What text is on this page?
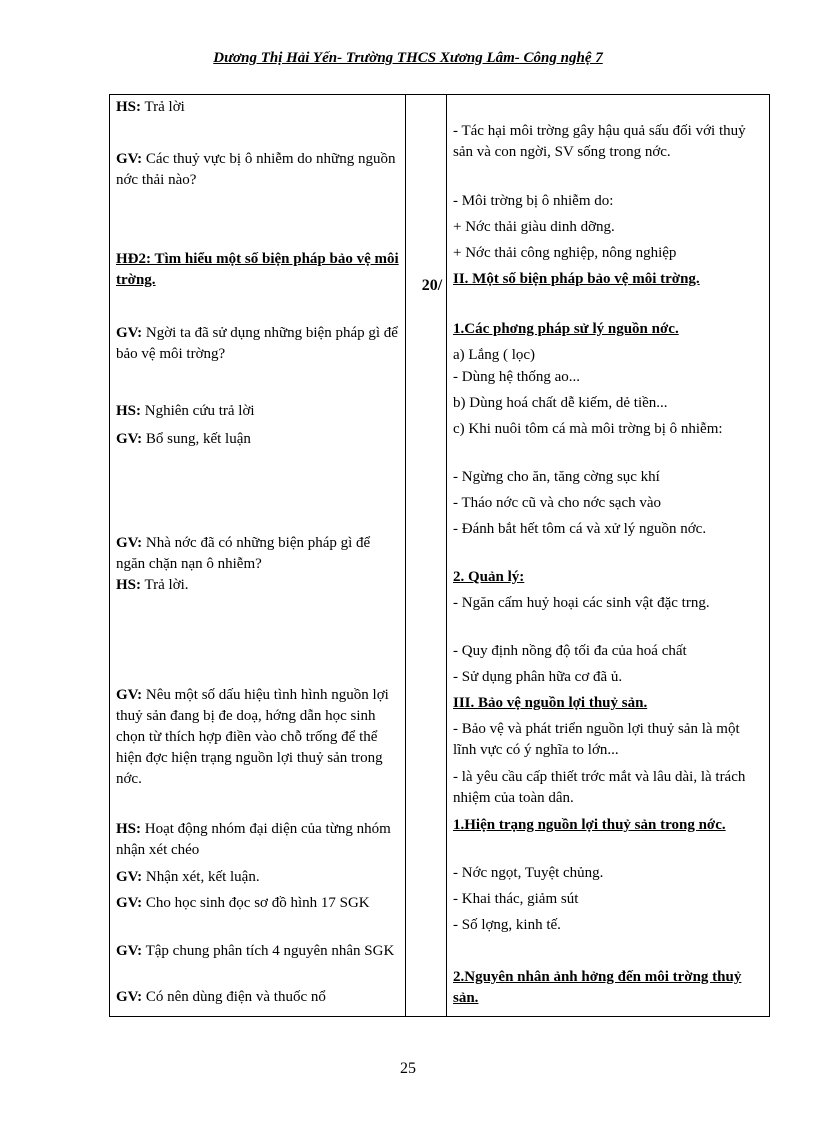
Dương Thị Hải Yến- Trường THCS Xương Lâm- Công nghệ 7

HS: Trả lời

GV: Các thuỷ vực bị ô nhiễm do những nguồn nớc thải nào?

HĐ2: Tìm hiểu một số biện pháp bảo vệ môi trờng.

GV: Ngời ta đã sử dụng những biện pháp gì để bảo vệ môi trờng?

HS: Nghiên cứu trả lời

GV: Bổ sung, kết luận

GV: Nhà nớc đã có những biện pháp gì để ngăn chặn nạn ô nhiễm?

HS: Trả lời.

GV: Nêu một số dấu hiệu tình hình nguồn lợi thuỷ sản đang bị đe doạ, hớng dẫn học sinh chọn từ thích hợp điền vào chỗ trống để thể hiện đợc hiện trạng nguồn lợi thuỷ sản trong nớc.

HS: Hoạt động nhóm đại diện của từng nhóm nhận xét chéo

GV: Nhận xét, kết luận.

GV: Cho học sinh đọc sơ đồ hình 17 SGK

GV: Tập chung phân tích 4 nguyên nhân SGK

GV: Có nên dùng điện và thuốc nổ

20/

- Tác hại môi trờng gây hậu quả sấu đối với thuỷ sản và con ngời, SV sống trong nớc.

- Môi trờng bị ô nhiễm do:

+ Nớc thải giàu dinh dỡng.

+ Nớc thải công nghiệp, nông nghiệp

II. Một số biện pháp bảo vệ môi trờng.

1.Các phơng pháp sử lý nguồn nớc.

a) Lắng ( lọc)

- Dùng hệ thống ao...

b) Dùng hoá chất dễ kiếm, dẻ tiền...

c) Khi nuôi tôm cá mà môi trờng bị ô nhiễm:

- Ngừng cho ăn, tăng cờng sục khí

- Tháo nớc cũ và cho nớc sạch vào

- Đánh bắt hết tôm cá và xử lý nguồn nớc.

2. Quản lý:

- Ngăn cấm huỷ hoại các sinh vật đặc trng.

- Quy định nồng độ tối đa của hoá chất

- Sử dụng phân hữa cơ đã ủ.

III. Bảo vệ nguồn lợi thuỷ sản.

- Bảo vệ và phát triển nguồn lợi thuỷ sản là một lĩnh vực có ý nghĩa to lớn...

- là yêu cầu cấp thiết trớc mắt và lâu dài, là trách nhiệm của toàn dân.

1.Hiện trạng nguồn lợi thuỷ sản trong nớc.

- Nớc ngọt, Tuyệt chủng.

- Khai thác, giảm sút

- Số lợng, kinh tế.

2.Nguyên nhân ảnh hởng đến môi trờng thuỷ sản.

25
